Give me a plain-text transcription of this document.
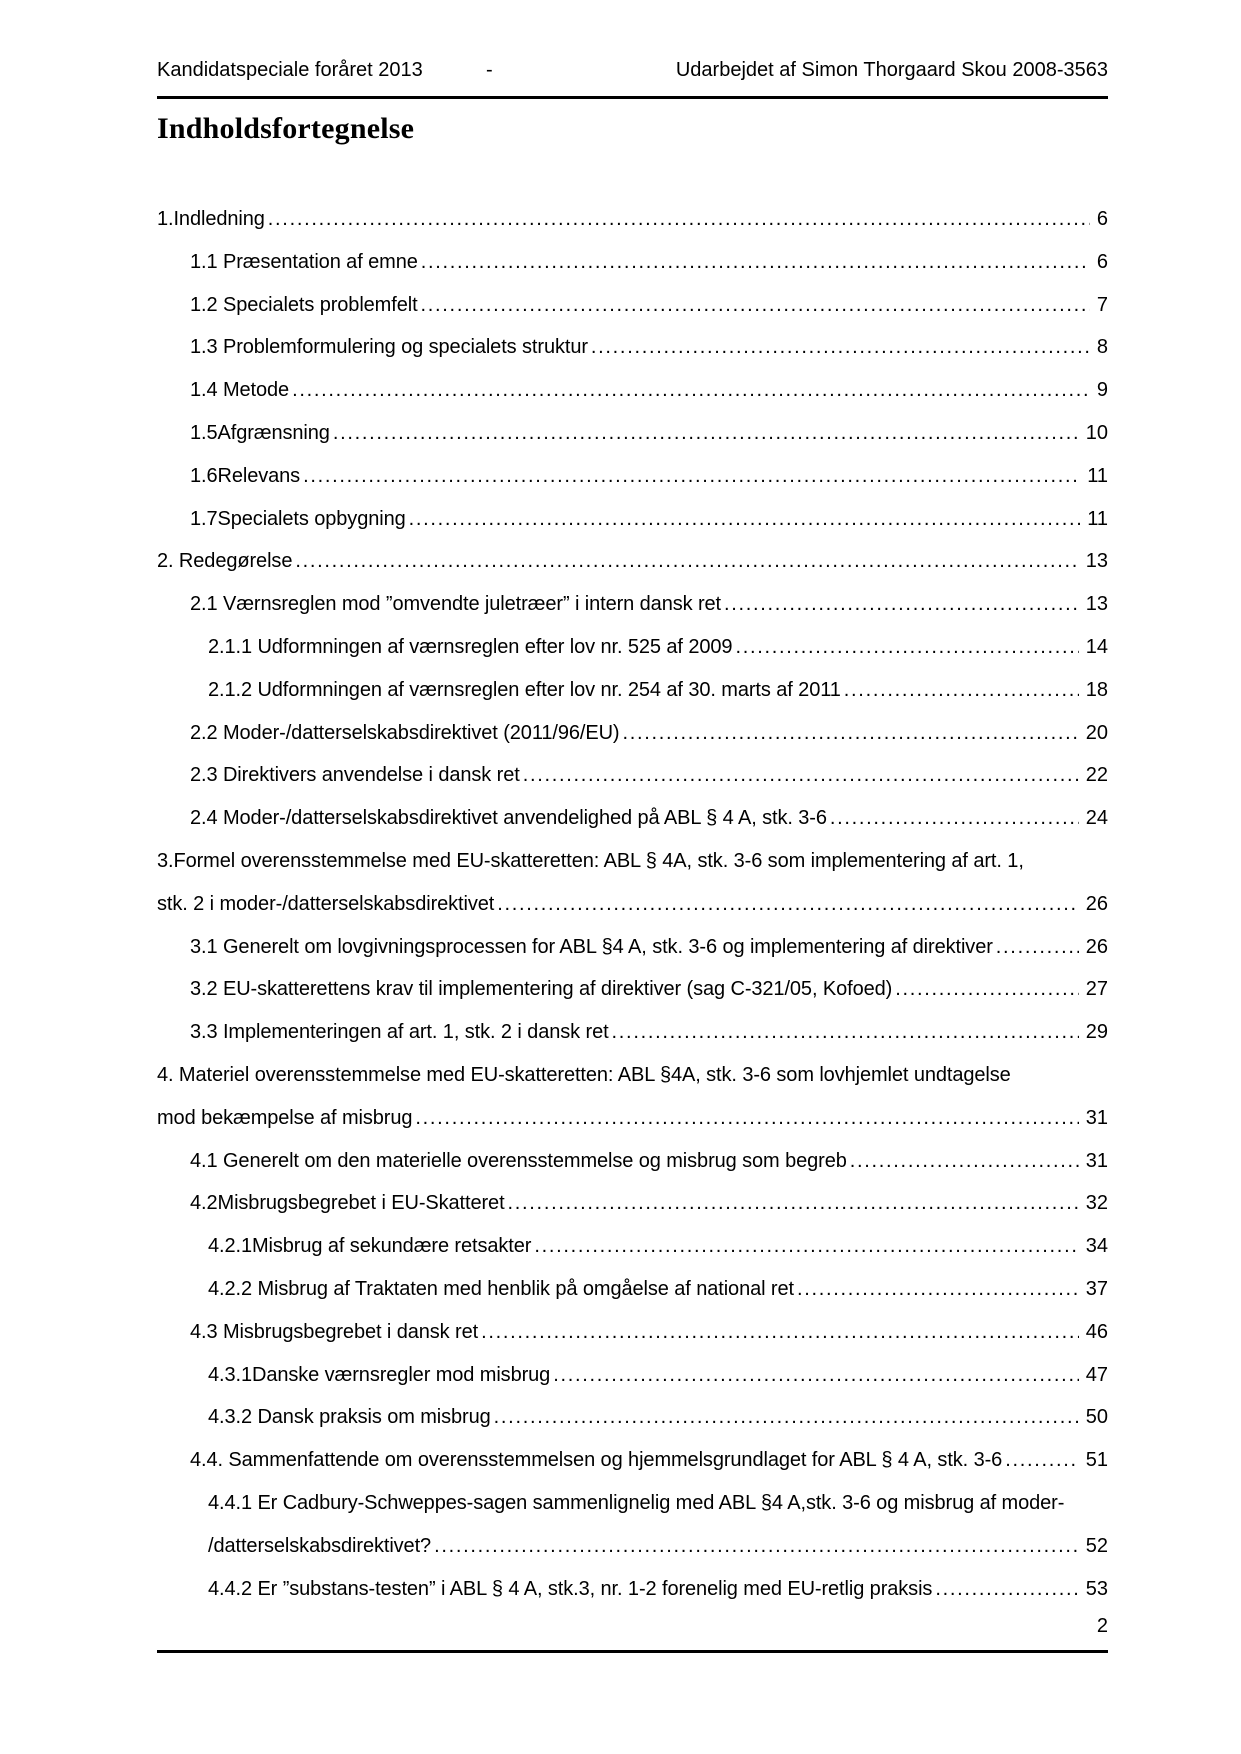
Kandidatspeciale foråret 2013	-	Udarbejdet af Simon Thorgaard Skou 2008-3563
Indholdsfortegnelse
1.Indledning .....	6
1.1 Præsentation af emne .....	6
1.2 Specialets problemfelt .....	7
1.3 Problemformulering og specialets struktur .....	8
1.4 Metode .....	9
1.5Afgrænsning .....	10
1.6Relevans .....	11
1.7Specialets opbygning .....	11
2. Redegørelse .....	13
2.1 Værnsreglen mod ”omvendte juletræer” i intern dansk ret .....	13
2.1.1 Udformningen af værnsreglen efter lov nr. 525 af 2009 .....	14
2.1.2 Udformningen af værnsreglen efter lov nr. 254 af 30. marts af 2011 .....	18
2.2 Moder-/datterselskabsdirektivet (2011/96/EU) .....	20
2.3 Direktivers anvendelse i dansk ret .....	22
2.4 Moder-/datterselskabsdirektivet anvendelighed på ABL § 4 A, stk. 3-6 .....	24
3.Formel overensstemmelse med EU-skatteretten: ABL § 4A, stk. 3-6 som implementering af art. 1,
stk. 2 i moder-/datterselskabsdirektivet .....	26
3.1 Generelt om lovgivningsprocessen for ABL §4 A, stk. 3-6 og implementering af direktiver .....	26
3.2 EU-skatterettens krav til implementering af direktiver (sag C-321/05, Kofoed) .....	27
3.3 Implementeringen af art. 1, stk. 2 i dansk ret .....	29
4. Materiel overensstemmelse med EU-skatteretten: ABL §4A, stk. 3-6 som lovhjemlet undtagelse
mod bekæmpelse af misbrug .....	31
4.1 Generelt om den materielle overensstemmelse og misbrug som begreb .....	31
4.2Misbrugsbegrebet i EU-Skatteret .....	32
4.2.1Misbrug af sekundære retsakter .....	34
4.2.2 Misbrug af Traktaten med henblik på omgåelse af national ret .....	37
4.3 Misbrugsbegrebet i dansk ret .....	46
4.3.1Danske værnsregler mod misbrug .....	47
4.3.2 Dansk praksis om misbrug .....	50
4.4. Sammenfattende om overensstemmelsen og hjemmelsgrundlaget for ABL § 4 A, stk. 3-6 .....	51
4.4.1 Er Cadbury-Schweppes-sagen sammenlignelig med ABL §4 A,stk. 3-6 og misbrug af moder-
/datterselskabsdirektivet? .....	52
4.4.2 Er ”substans-testen” i ABL § 4 A, stk.3, nr. 1-2 forenelig med EU-retlig praksis .....	53
2
